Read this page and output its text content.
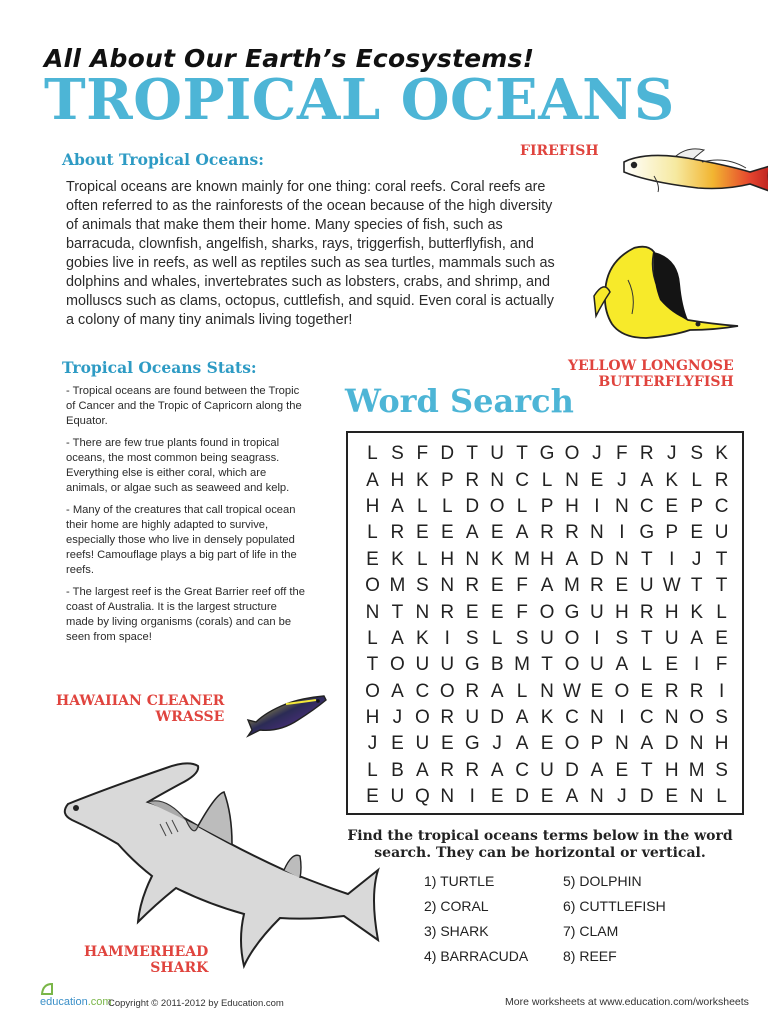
All About Our Earth’s Ecosystems!
TROPICAL OCEANS
About Tropical Oceans:
Tropical oceans are known mainly for one thing: coral reefs. Coral reefs are often referred to as the rainforests of the ocean because of the high diversity of animals that make them their home. Many species of fish, such as barracuda, clownfish, angelfish, sharks, rays, triggerfish, butterflyfish, and gobies live in reefs, as well as reptiles such as sea turtles, mammals such as dolphins and whales, invertebrates such as lobsters, crabs, and shrimp, and molluscs such as clams, octopus, cuttlefish, and squid. Even coral is actually a colony of many tiny animals living together!
Tropical Oceans Stats:

- Tropical oceans are found between the Tropic of Cancer and the Tropic of Capricorn along the Equator.

- There are few true plants found in tropical oceans, the most common being seagrass. Everything else is either coral, which are animals, or algae such as seaweed and kelp.

- Many of the creatures that call tropical ocean their home are highly adapted to survive, especially those who live in densely populated reefs! Camouflage plays a big part of life in the reefs.

- The largest reef is the Great Barrier reef off the coast of Australia. It is the largest structure made by living organisms (corals) and can be seen from space!

FIREFISH
YELLOW LONGNOSE
BUTTERFLYFISH
Word Search
L S F D T U T G O J F R J S K
A H K P R N C L N E J A K L R
H A L L D O L P H I N C E P C
L R E E A E A R R N I G P E U
E K L H N K M H A D N T I J T
O M S N R E F A M R E U W T T
N T N R E E F O G U H R H K L
L A K I S L S U O I S T U A E
T O U U G B M T O U A L E I F
O A C O R A L N W E O E R R I
H J O R U D A K C N I C N O S
J E U E G J A E O P N A D N H
L B A R R A C U D A E T H M S
E U Q N I E D E A N J D E N L
Find the tropical oceans terms below in the word search. They can be horizontal or vertical.
1) TURTLE
2) CORAL
3) SHARK
4) BARRACUDA
5) DOLPHIN
6) CUTTLEFISH
7) CLAM
8) REEF
HAWAIIAN CLEANER
WRASSE
HAMMERHEAD
SHARK
education.com
Copyright © 2011-2012 by Education.com	More worksheets at www.education.com/worksheets
